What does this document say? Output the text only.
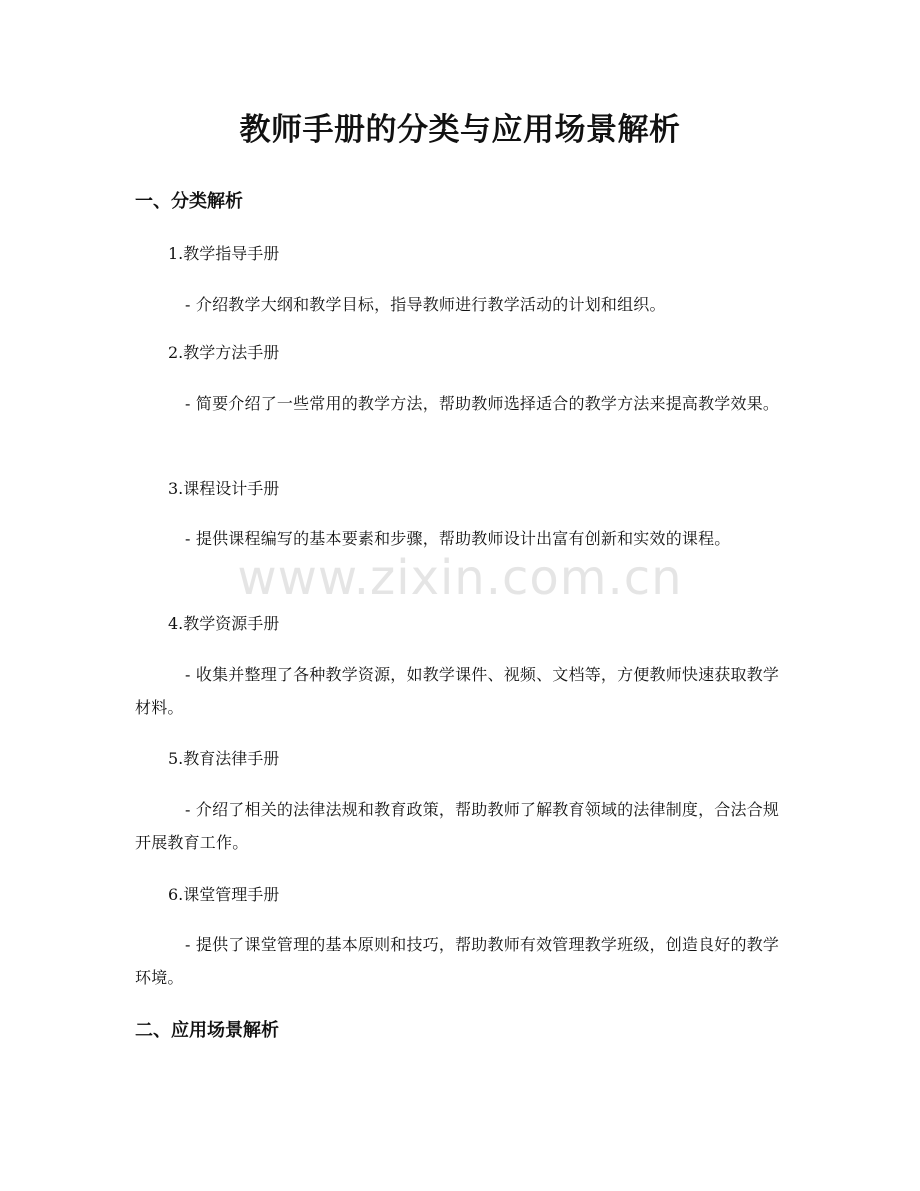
教师手册的分类与应用场景解析
一、分类解析

1.教学指导手册

- 介绍教学大纲和教学目标，指导教师进行教学活动的计划和组织。

2.教学方法手册

- 简要介绍了一些常用的教学方法，帮助教师选择适合的教学方法来提高教学效果。

3.课程设计手册

- 提供课程编写的基本要素和步骤，帮助教师设计出富有创新和实效的课程。

4.教学资源手册

- 收集并整理了各种教学资源，如教学课件、视频、文档等，方便教师快速获取教学材料。

5.教育法律手册

- 介绍了相关的法律法规和教育政策，帮助教师了解教育领域的法律制度，合法合规开展教育工作。

6.课堂管理手册

- 提供了课堂管理的基本原则和技巧，帮助教师有效管理教学班级，创造良好的教学环境。

二、应用场景解析
www.zixin.com.cn
